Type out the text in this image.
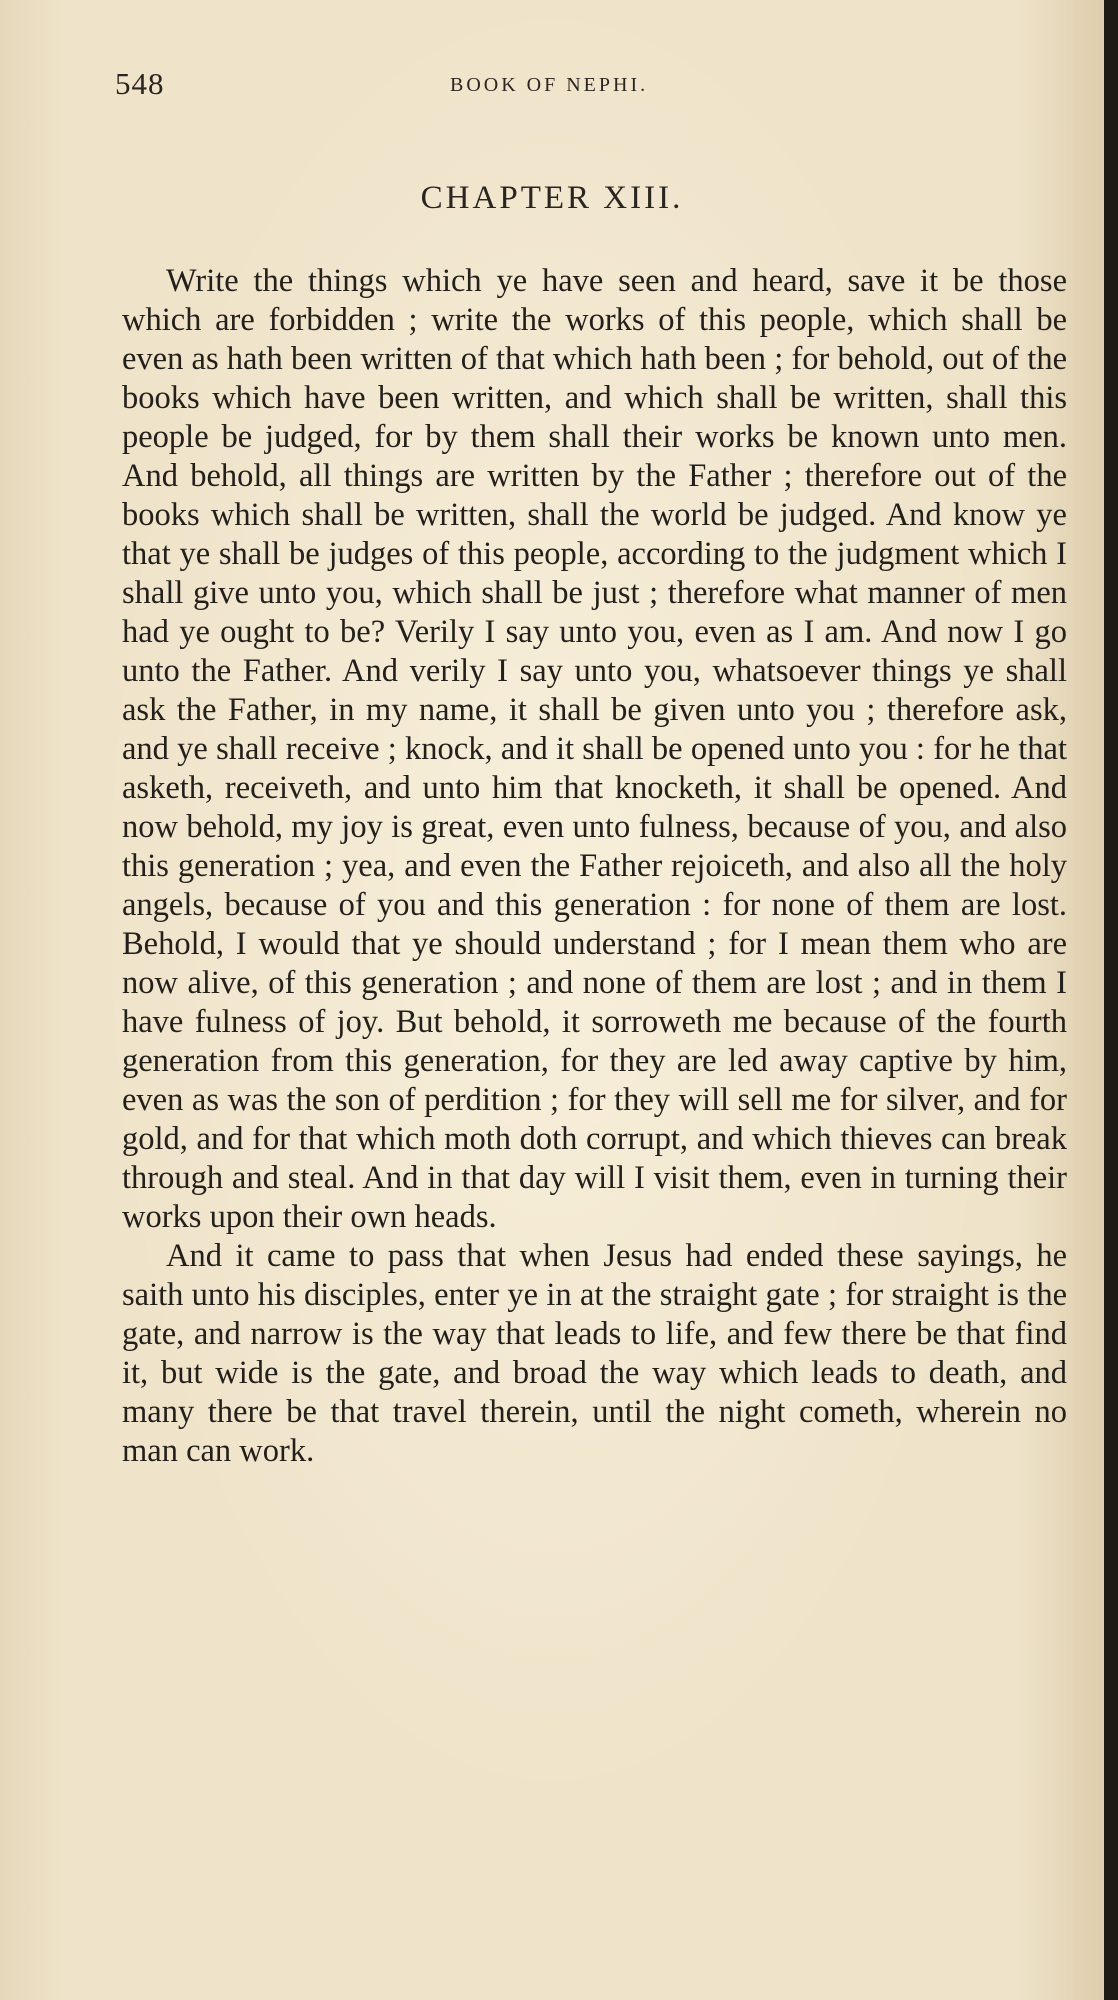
548	BOOK OF NEPHI.
CHAPTER XIII.

Write the things which ye have seen and heard, save it be those which are forbidden ; write the works of this people, which shall be even as hath been written of that which hath been ; for behold, out of the books which have been written, and which shall be written, shall this people be judged, for by them shall their works be known unto men. And behold, all things are written by the Father ; therefore out of the books which shall be written, shall the world be judged. And know ye that ye shall be judges of this people, according to the judgment which I shall give unto you, which shall be just ; therefore what manner of men had ye ought to be? Verily I say unto you, even as I am. And now I go unto the Father. And verily I say unto you, whatsoever things ye shall ask the Father, in my name, it shall be given unto you ; therefore ask, and ye shall receive ; knock, and it shall be opened unto you : for he that asketh, receiveth, and unto him that knocketh, it shall be opened. And now behold, my joy is great, even unto fulness, because of you, and also this generation ; yea, and even the Father rejoiceth, and also all the holy angels, because of you and this generation : for none of them are lost. Behold, I would that ye should understand ; for I mean them who are now alive, of this generation ; and none of them are lost ; and in them I have fulness of joy. But behold, it sorroweth me because of the fourth generation from this generation, for they are led away captive by him, even as was the son of perdition ; for they will sell me for silver, and for gold, and for that which moth doth corrupt, and which thieves can break through and steal. And in that day will I visit them, even in turning their works upon their own heads.

And it came to pass that when Jesus had ended these sayings, he saith unto his disciples, enter ye in at the straight gate ; for straight is the gate, and narrow is the way that leads to life, and few there be that find it, but wide is the gate, and broad the way which leads to death, and many there be that travel therein, until the night cometh, wherein no man can work.
